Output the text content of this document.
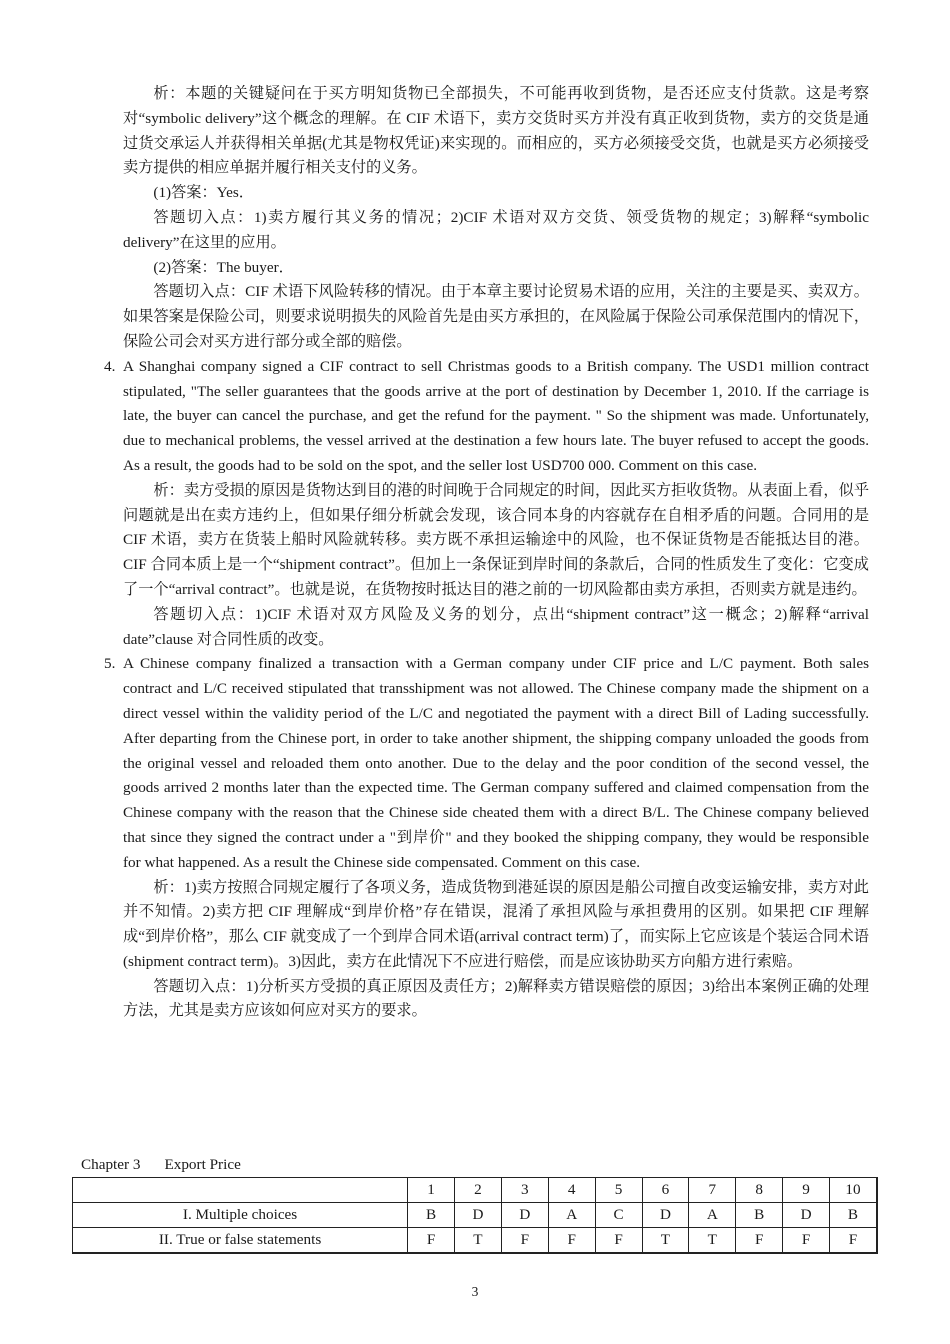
析：本题的关键疑问在于买方明知货物已全部损失，不可能再收到货物，是否还应支付货款。这是考察对“symbolic delivery”这个概念的理解。在 CIF 术语下，卖方交货时买方并没有真正收到货物，卖方的交货是通过货交承运人并获得相关单据(尤其是物权凭证)来实现的。而相应的，买方必须接受交货，也就是买方必须接受卖方提供的相应单据并履行相关支付的义务。

(1)答案：Yes．

答题切入点：1)卖方履行其义务的情况；2)CIF 术语对双方交货、领受货物的规定；3)解释“symbolic delivery”在这里的应用。

(2)答案：The buyer．

答题切入点：CIF 术语下风险转移的情况。由于本章主要讨论贸易术语的应用，关注的主要是买、卖双方。如果答案是保险公司，则要求说明损失的风险首先是由买方承担的，在风险属于保险公司承保范围内的情况下，保险公司会对买方进行部分或全部的赔偿。

4. A Shanghai company signed a CIF contract to sell Christmas goods to a British company. The USD1 million contract stipulated, "The seller guarantees that the goods arrive at the port of destination by December 1, 2010. If the carriage is late, the buyer can cancel the purchase, and get the refund for the payment. " So the shipment was made. Unfortunately, due to mechanical problems, the vessel arrived at the destination a few hours late. The buyer refused to accept the goods. As a result, the goods had to be sold on the spot, and the seller lost USD700 000. Comment on this case.

析：卖方受损的原因是货物达到目的港的时间晚于合同规定的时间，因此买方拒收货物。从表面上看，似乎问题就是出在卖方违约上，但如果仔细分析就会发现，该合同本身的内容就存在自相矛盾的问题。合同用的是 CIF 术语，卖方在货装上船时风险就转移。卖方既不承担运输途中的风险，也不保证货物是否能抵达目的港。CIF 合同本质上是一个“shipment contract”。但加上一条保证到岸时间的条款后，合同的性质发生了变化：它变成了一个“arrival contract”。也就是说，在货物按时抵达目的港之前的一切风险都由卖方承担，否则卖方就是违约。

答题切入点：1)CIF 术语对双方风险及义务的划分，点出“shipment contract”这一概念；2)解释“arrival date”clause 对合同性质的改变。

5. A Chinese company finalized a transaction with a German company under CIF price and L/C payment. Both sales contract and L/C received stipulated that transshipment was not allowed. The Chinese company made the shipment on a direct vessel within the validity period of the L/C and negotiated the payment with a direct Bill of Lading successfully. After departing from the Chinese port, in order to take another shipment, the shipping company unloaded the goods from the original vessel and reloaded them onto another. Due to the delay and the poor condition of the second vessel, the goods arrived 2 months later than the expected time. The German company suffered and claimed compensation from the Chinese company with the reason that the Chinese side cheated them with a direct B/L. The Chinese company believed that since they signed the contract under a "到岸价" and they booked the shipping company, they would be responsible for what happened. As a result the Chinese side compensated. Comment on this case.

析：1)卖方按照合同规定履行了各项义务，造成货物到港延误的原因是船公司擅自改变运输安排，卖方对此并不知情。2)卖方把 CIF 理解成“到岸价格”存在错误，混淆了承担风险与承担费用的区别。如果把 CIF 理解成“到岸价格”，那么 CIF 就变成了一个到岸合同术语(arrival contract term)了，而实际上它应该是个装运合同术语(shipment contract term)。3)因此，卖方在此情况下不应进行赔偿，而是应该协助买方向船方进行索赔。

答题切入点：1)分析买方受损的真正原因及责任方；2)解释卖方错误赔偿的原因；3)给出本案例正确的处理方法，尤其是卖方应该如何应对买方的要求。

Chapter 3 Export Price
	1	2	3	4	5	6	7	8	9	10
I. Multiple choices	B	D	D	A	C	D	A	B	D	B
II. True or false statements	F	T	F	F	F	T	T	F	F	F
3
